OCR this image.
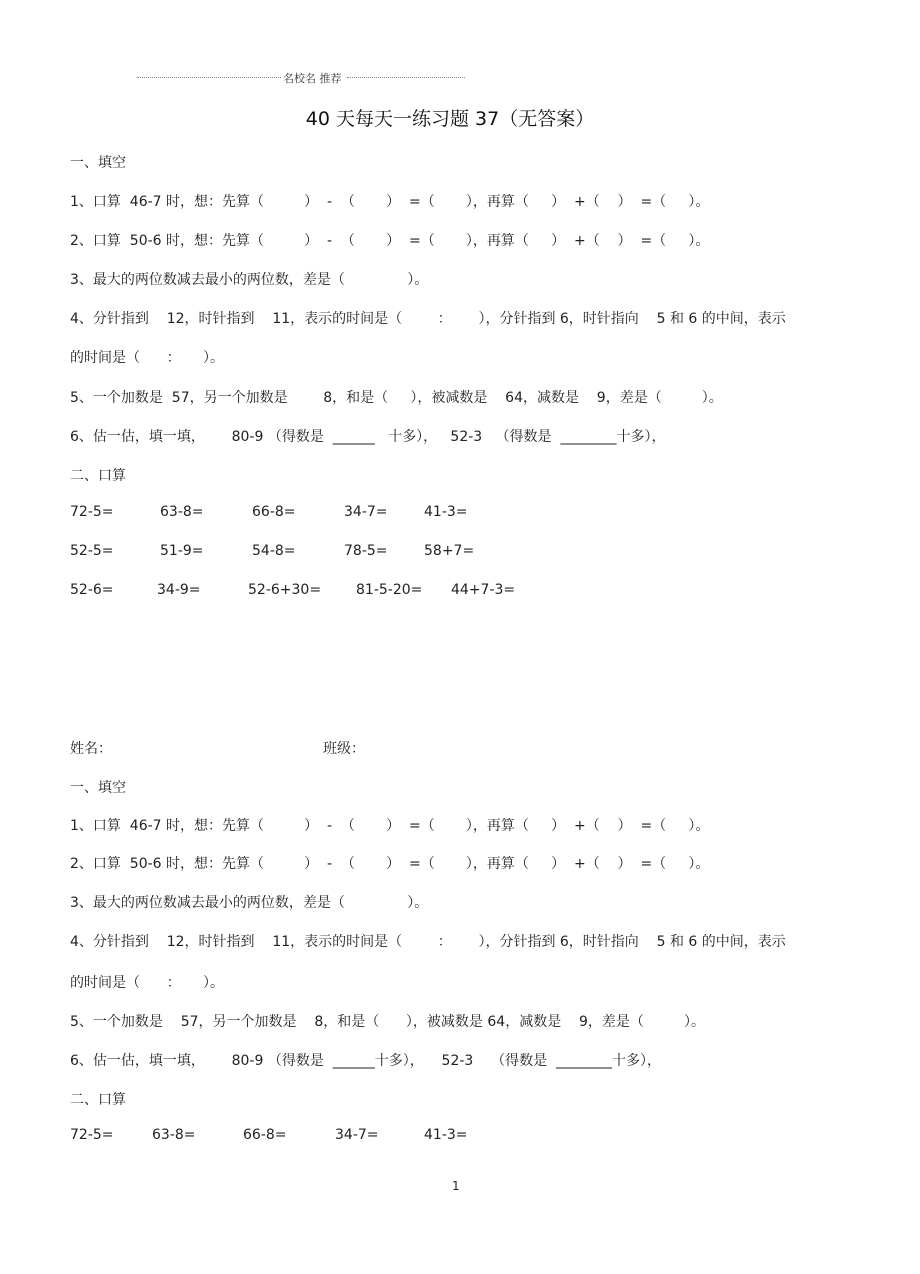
名校名 推荐
40 天每天一练习题 37（无答案）
一、填空
1、口算  46-7 时，想：先算（         ）  -  （       ）  =（       ），再算（     ）  +（    ）  =（     ）。
2、口算  50-6 时，想：先算（         ）  -  （       ）  =（       ），再算（     ）  +（    ）  =（     ）。
3、最大的两位数减去最小的两位数，差是（              ）。
4、分针指到    12，时针指到    11，表示的时间是（        ：      ），分针指到 6，时针指向    5 和 6 的中间，表示
的时间是（      ：     ）。
5、一个加数是  57，另一个加数是        8，和是（     ），被减数是    64，减数是    9，差是（         ）。
6、估一估，填一填，      80-9 （得数是  ______   十多），   52-3   （得数是  ________十多），
二、口算
72-5=	63-8=	66-8=	34-7=	41-3=
52-5=	51-9=	54-8=	78-5=	58+7=
52-6=	34-9=	52-6+30= 81-5-20= 44+7-3=
姓名：	班级：
一、填空
1、口算  46-7 时，想：先算（         ）  -  （       ）  =（       ），再算（     ）  +（    ）  =（     ）。
2、口算  50-6 时，想：先算（         ）  -  （       ）  =（       ），再算（     ）  +（    ）  =（     ）。
3、最大的两位数减去最小的两位数，差是（              ）。
4、分针指到    12，时针指到    11，表示的时间是（        ：      ），分针指到 6，时针指向    5 和 6 的中间，表示
的时间是（      ：     ）。
5、一个加数是    57，另一个加数是    8，和是（      ），被减数是 64，减数是    9，差是（         ）。
6、估一估，填一填，      80-9 （得数是  ______十多），    52-3    （得数是  ________十多），
二、口算
72-5=	63-8=	66-8=	34-7=	41-3=
1
